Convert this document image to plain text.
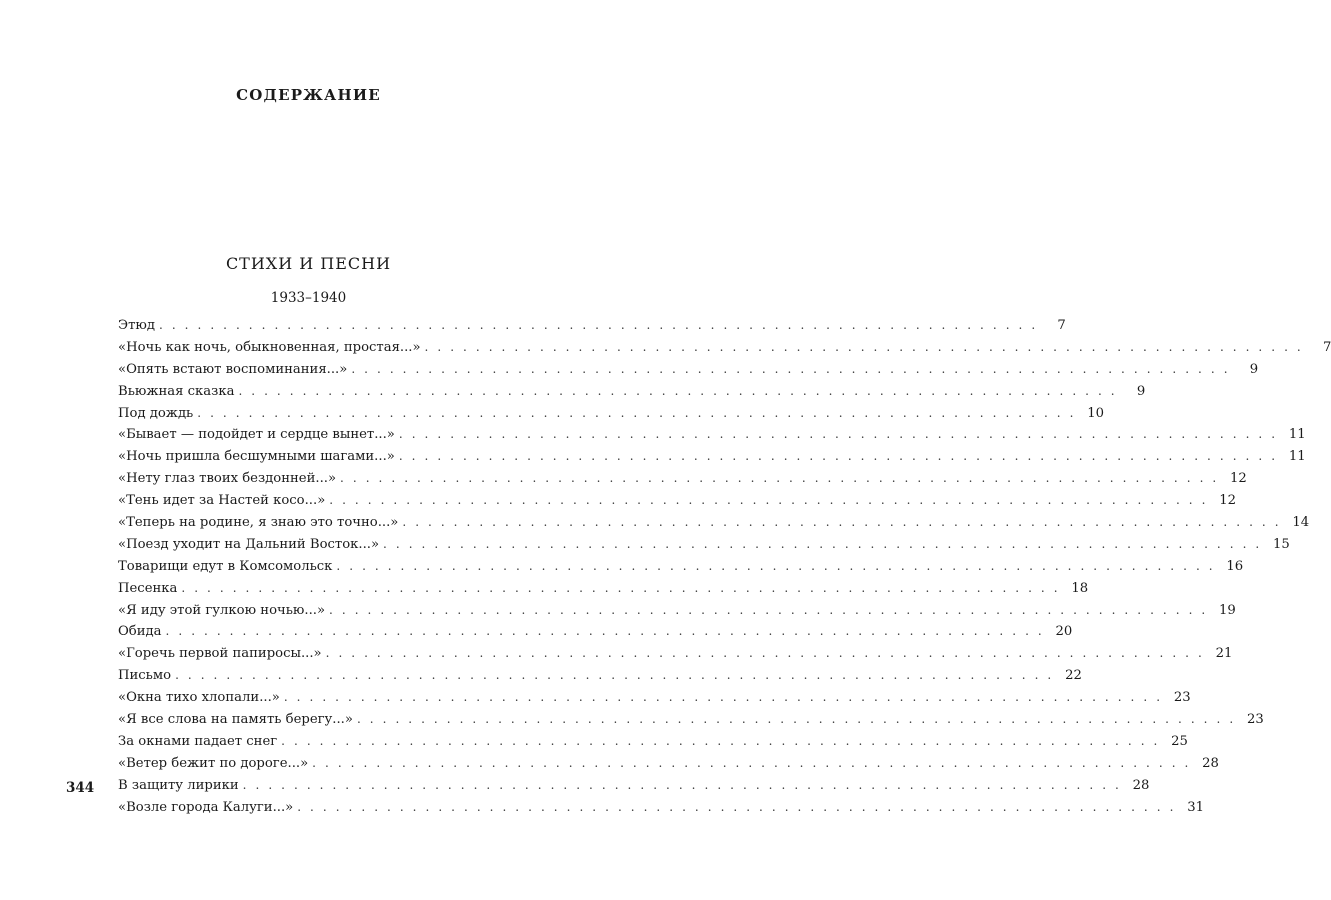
СОДЕРЖАНИЕ
СТИХИ И ПЕСНИ
1933–1940
Этюд . . . . . . . . . . . . . . . . . . . . . . . . . . . . . . . . . . . . . . . . . . . . . . . . . . . . . . . . . . . . . . . . . . . . .	7
«Ночь как ночь, обыкновенная, простая...» . . . . . . . . . . . . . . . . . . . . . . . . . . . . . . . . . . . . . . . . . . . . . . . . . . . . . . . . . . . . . . . . . . . . .	7
«Опять встают воспоминания...» . . . . . . . . . . . . . . . . . . . . . . . . . . . . . . . . . . . . . . . . . . . . . . . . . . . . . . . . . . . . . . . . . . . . .	9
Вьюжная сказка . . . . . . . . . . . . . . . . . . . . . . . . . . . . . . . . . . . . . . . . . . . . . . . . . . . . . . . . . . . . . . . . . . . . .	9
Под дождь . . . . . . . . . . . . . . . . . . . . . . . . . . . . . . . . . . . . . . . . . . . . . . . . . . . . . . . . . . . . . . . . . . . . . 10
«Бывает — подойдет и сердце вынет...» . . . . . . . . . . . . . . . . . . . . . . . . . . . . . . . . . . . . . . . . . . . . . . . . . . . . . . . . . . . . . . . . . . . . . 11
«Ночь пришла бесшумными шагами...» . . . . . . . . . . . . . . . . . . . . . . . . . . . . . . . . . . . . . . . . . . . . . . . . . . . . . . . . . . . . . . . . . . . . . 11
«Нету глаз твоих бездонней...» . . . . . . . . . . . . . . . . . . . . . . . . . . . . . . . . . . . . . . . . . . . . . . . . . . . . . . . . . . . . . . . . . . . . . 12
«Тень идет за Настей косо...» . . . . . . . . . . . . . . . . . . . . . . . . . . . . . . . . . . . . . . . . . . . . . . . . . . . . . . . . . . . . . . . . . . . . . 12
«Теперь на родине, я знаю это точно...» . . . . . . . . . . . . . . . . . . . . . . . . . . . . . . . . . . . . . . . . . . . . . . . . . . . . . . . . . . . . . . . . . . . . . 14
«Поезд уходит на Дальний Восток...» . . . . . . . . . . . . . . . . . . . . . . . . . . . . . . . . . . . . . . . . . . . . . . . . . . . . . . . . . . . . . . . . . . . . . 15
Товарищи едут в Комсомольск . . . . . . . . . . . . . . . . . . . . . . . . . . . . . . . . . . . . . . . . . . . . . . . . . . . . . . . . . . . . . . . . . . . . . 16
Песенка . . . . . . . . . . . . . . . . . . . . . . . . . . . . . . . . . . . . . . . . . . . . . . . . . . . . . . . . . . . . . . . . . . . . . 18
«Я иду этой гулкою ночью...» . . . . . . . . . . . . . . . . . . . . . . . . . . . . . . . . . . . . . . . . . . . . . . . . . . . . . . . . . . . . . . . . . . . . . 19
Обида . . . . . . . . . . . . . . . . . . . . . . . . . . . . . . . . . . . . . . . . . . . . . . . . . . . . . . . . . . . . . . . . . . . . . 20
«Горечь первой папиросы...» . . . . . . . . . . . . . . . . . . . . . . . . . . . . . . . . . . . . . . . . . . . . . . . . . . . . . . . . . . . . . . . . . . . . . 21
Письмо . . . . . . . . . . . . . . . . . . . . . . . . . . . . . . . . . . . . . . . . . . . . . . . . . . . . . . . . . . . . . . . . . . . . . 22
«Окна тихо хлопали...» . . . . . . . . . . . . . . . . . . . . . . . . . . . . . . . . . . . . . . . . . . . . . . . . . . . . . . . . . . . . . . . . . . . . . 23
«Я все слова на память берегу...» . . . . . . . . . . . . . . . . . . . . . . . . . . . . . . . . . . . . . . . . . . . . . . . . . . . . . . . . . . . . . . . . . . . . . 23
За окнами падает снег . . . . . . . . . . . . . . . . . . . . . . . . . . . . . . . . . . . . . . . . . . . . . . . . . . . . . . . . . . . . . . . . . . . . . 25
«Ветер бежит по дороге...» . . . . . . . . . . . . . . . . . . . . . . . . . . . . . . . . . . . . . . . . . . . . . . . . . . . . . . . . . . . . . . . . . . . . . 28
В защиту лирики . . . . . . . . . . . . . . . . . . . . . . . . . . . . . . . . . . . . . . . . . . . . . . . . . . . . . . . . . . . . . . . . . . . . . 28
«Возле города Калуги...» . . . . . . . . . . . . . . . . . . . . . . . . . . . . . . . . . . . . . . . . . . . . . . . . . . . . . . . . . . . . . . . . . . . . . 31
344
